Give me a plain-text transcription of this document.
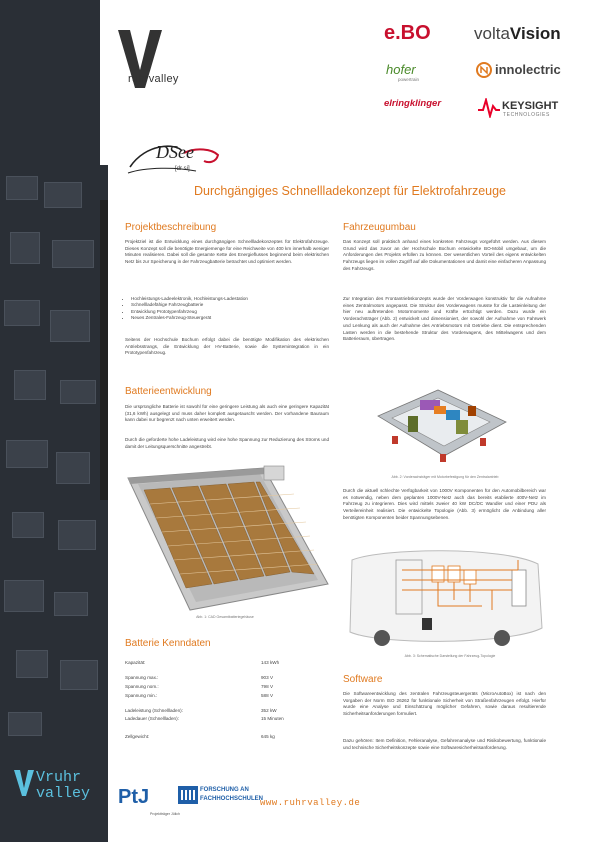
ruhrvalley
e.BO	voltaVision
hofer
powertrain
innolectric
elringklinger	KEYSIGHT
TECHNOLOGIES
DSee
[dr si]
Durchgängiges Schnellladekonzept für Elektrofahrzeuge
Projektbeschreibung
Projektziel ist die Entwicklung eines durchgängigen Schnellladekonzeptes für Elektrofahrzeuge. Dieses Konzept soll die benötigte Energiemenge für eine Reichweite von 400 km innerhalb weniger Minuten realisieren. Dabei soll die gesamte Kette des Energieflusses beginnend beim elektrischen Netz bis zur Speicherung in der Fahrzeugbatterie betrachtet und optimiert werden.
• Hochleistungs-Ladeelektronik, Hochleistungs-Ladestation
• Schnellladefähige Fahrzeugbatterie
• Entwicklung Prototypenfahrzeug
• Neues Zentrales-Fahrzeug-Steuergerät
Seitens der Hochschule Bochum erfolgt dabei die benötigte Modifikation des elektrischen Antriebsstrangs, die Entwicklung der HV-Batterie, sowie die Systemintegration in ein Prototypenfahrzeug.
Batterieentwicklung
Die ursprüngliche Batterie ist sowohl für eine geringere Leistung als auch eine geringere Kapazität (31,6 kWh) ausgelegt und muss daher komplett ausgetauscht werden. Der vorhandene Bauraum kann dabei nur begrenzt nach unten erweitert werden.
Durch die geforderte hohe Ladeleistung wird eine hohe Spannung zur Reduzierung des Stroms und damit der Leitungsquerschnitte angestrebt.
Abb. 1: CAD Gesamtbatteriegehäuse
Batterie Kenndaten
Kapazität:	143 kWh
Spannung max.:	903 V
Spannung nom.:	798 V
Spannung min.:	588 V
Ladeleistung (Schnellladen):	352 kW
Ladedauer (Schnellladen):	15 Minuten
Zellgewicht:	645 kg
Fahrzeugumbau
Das Konzept soll praktisch anhand eines konkreten Fahrzeugs vorgeführt werden. Aus diesem Grund wird das zuvor an der Hochschule Bochum entwickelte BO-Mobil umgebaut, um die Anforderungen des Projekts erfüllen zu können. Der wesentlichen Vorteil des eigens entwickelten Fahrzeugs liegen im vollen Zugriff auf alle Dokumentationen und damit eine einfacheren Anpassung des Fahrzeugs.
Zur Integration des Frontantriebskonzepts wurde der Vorderwagen konstruktiv für die Aufnahme eines Zentralmotors angepasst. Die Struktur des Vorderwagens musste für die Lasteinleitung der hier neu auftretenden Motormomente und Kräfte ertüchtigt werden. Dazu wurde ein Vorderachsträger (Abb. 2) entwickelt und dimensioniert, der sowohl der Aufnahme von Fahrwerk und Lenkung als auch der Aufnahme des Antriebsmotors mit Getriebe dient. Die entsprechenden Lasten werden in die bestehende Struktur des Vorderwagens, des Mittelwagens und dem Batterieraum, übertragen.
Abb. 2: Vorderachsträger mit Motorbefestigung für den Zentralantrieb
Durch die aktuell schlechte Verfügbarkeit von 1000V Komponenten für den Automobilbereich war es notwendig, neben dem geplanten 1000V-Netz auch das bereits etablierte 400V-Netz im Fahrzeug zu integrieren. Dies wird mittels zweier 40 kW DC/DC Wandler und einer PDU als Verteilereinheit realisiert. Die entwickelte Topologie (Abb. 3) ermöglicht die Anbindung aller benötigten Komponenten beider Spannungsebenen.
Abb. 3: Schematische Darstellung der Fahrzeug-Topologie
Software
Die Softwareentwicklung des zentralen Fahrzeugsteuergeräts (MicroAutoBox) ist nach den Vorgaben der Norm ISO 26262 für funktionale Sicherheit von Straßenfahrzeugen erfolgt. Hierfür wurde eine Analyse und Einschätzung möglicher Gefahren, sowie daraus resultierende Sicherheitsanforderungen formuliert.
Dazu gehören: Item Definition, Fehleranalyse, Gefahrenanalyse und Risikobewertung, funktionale und technische Sicherheitskonzepte sowie eine Softwaresicherheitsanforderung.
Vruhr valley PtJ
Projektträger Jülich
FORSCHUNG AN
FACHHOCHSCHULEN
www.ruhrvalley.de
